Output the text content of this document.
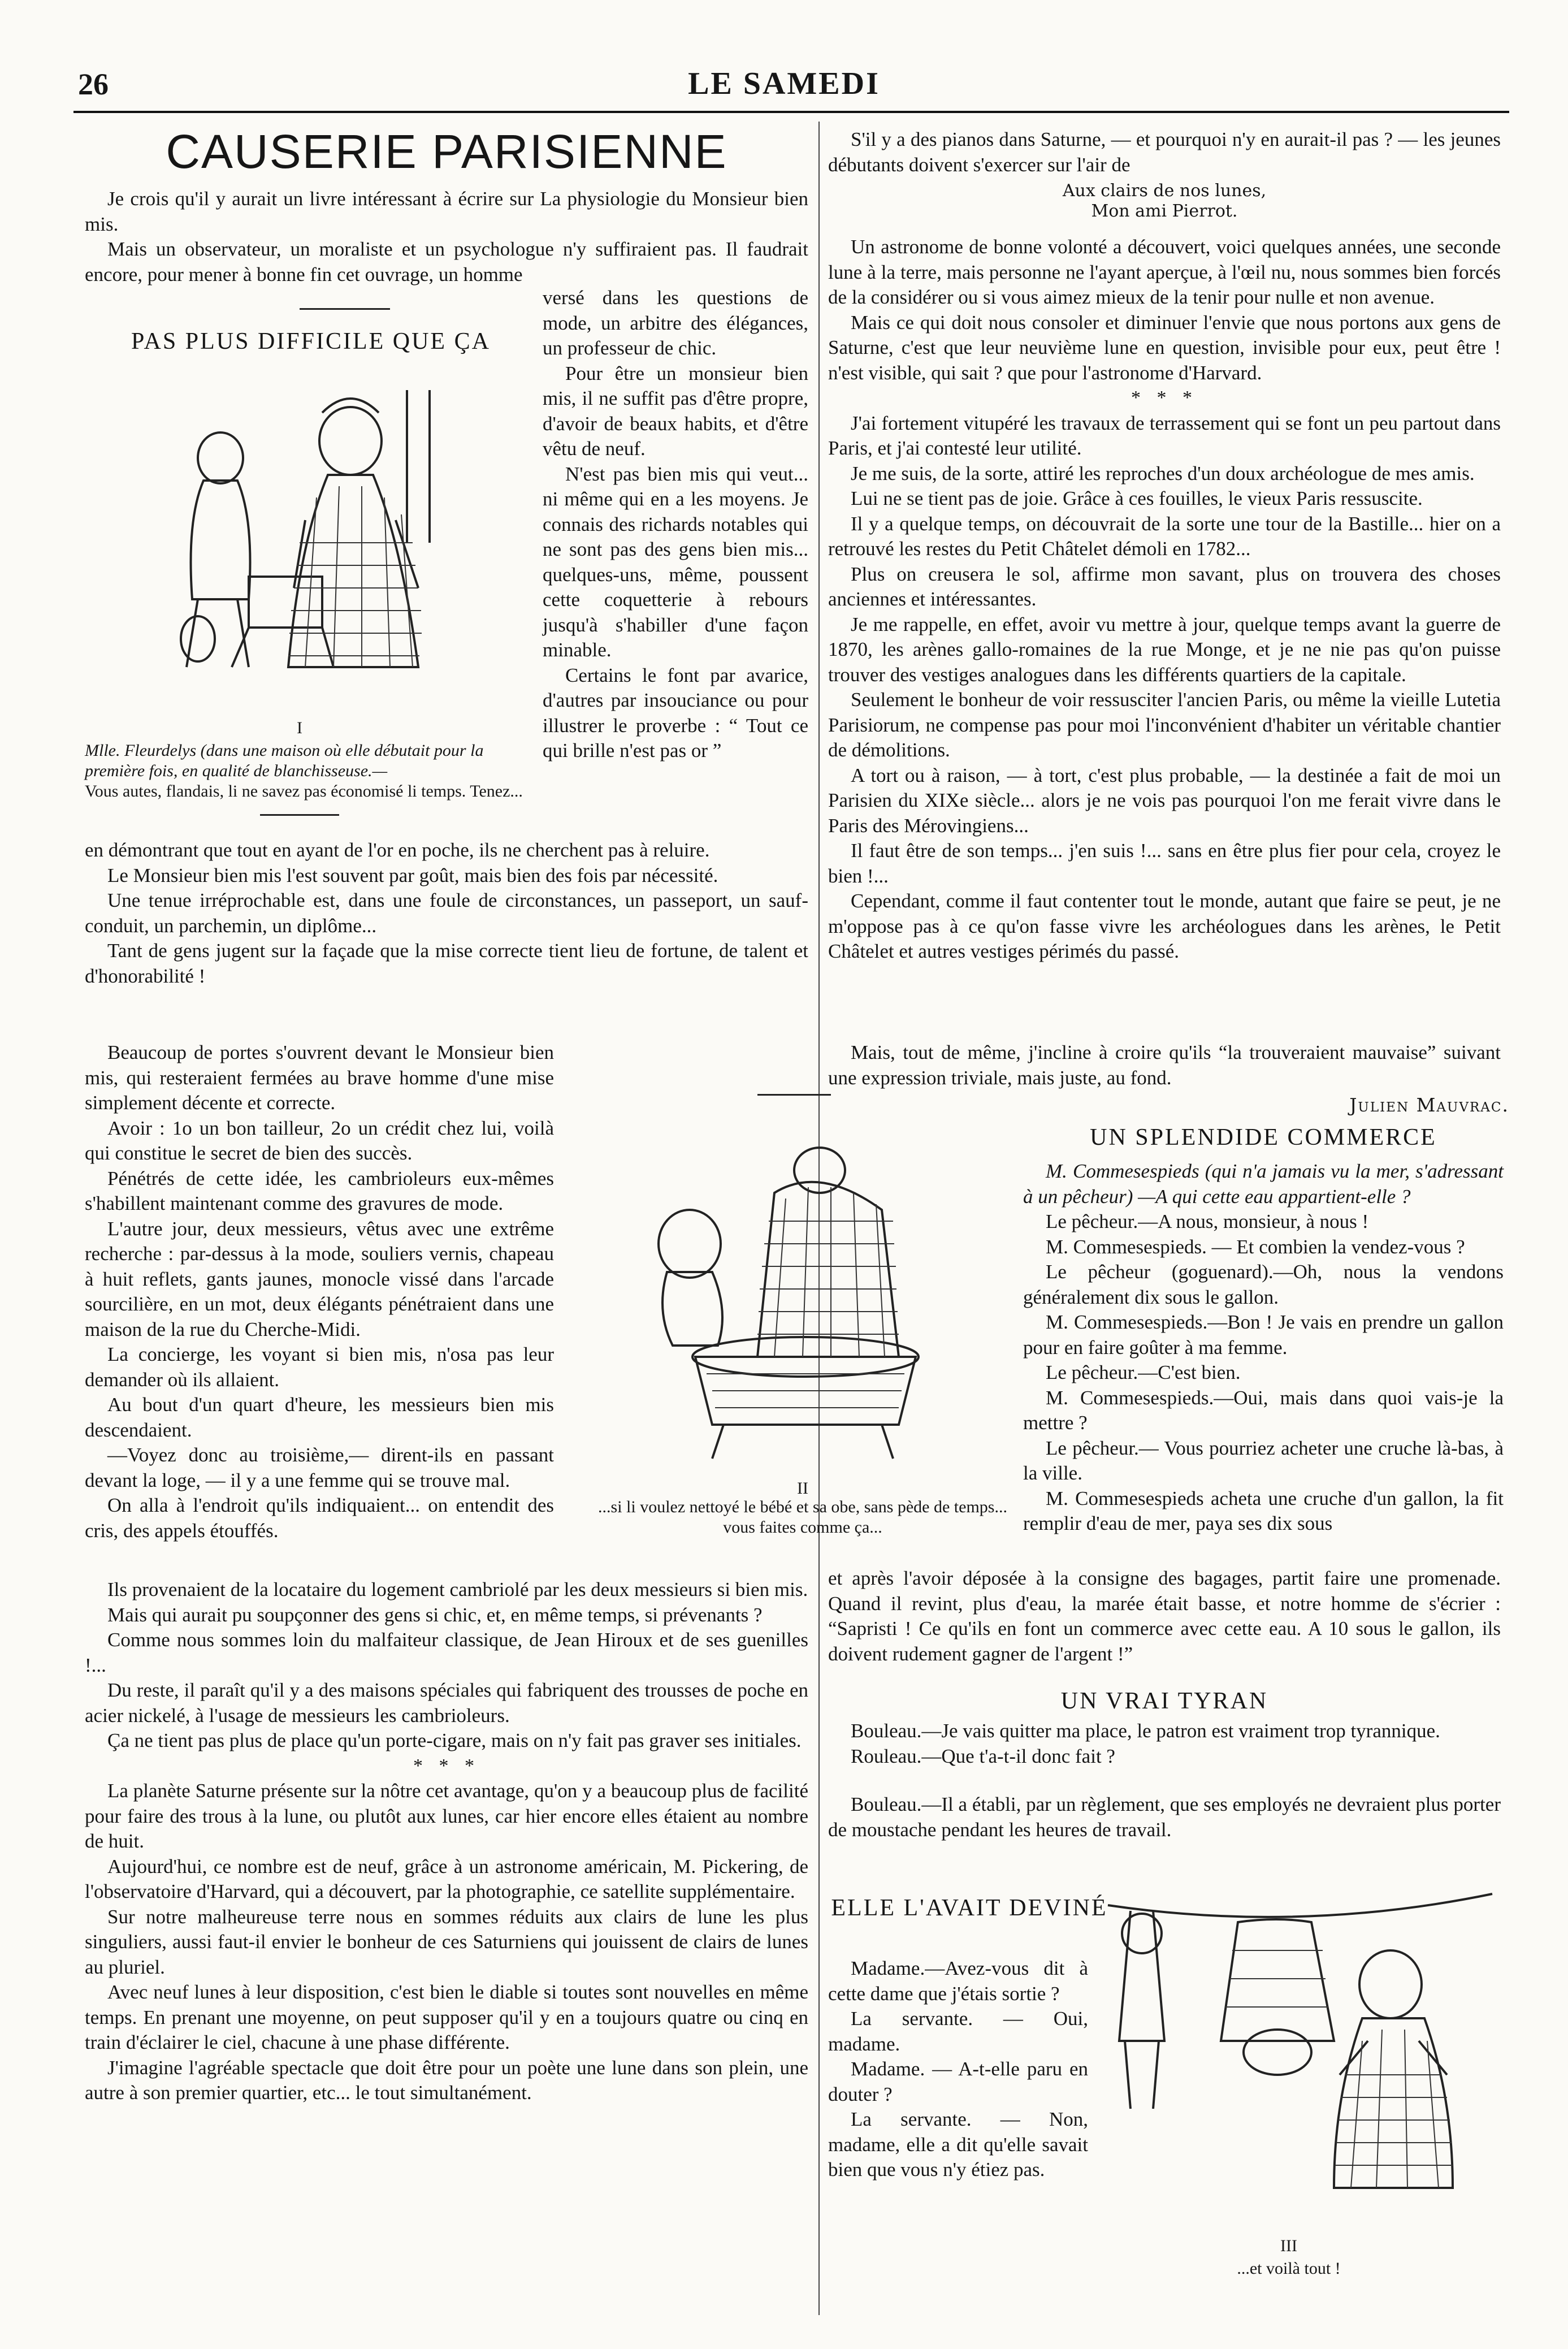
26	LE SAMEDI
CAUSERIE PARISIENNE

Je crois qu'il y aurait un livre intéressant à écrire sur La physiologie du Monsieur bien mis.

Mais un observateur, un moraliste et un psychologue n'y suffiraient pas. Il faudrait encore, pour mener à bonne fin cet ouvrage, un homme

PAS PLUS DIFFICILE QUE ÇA
I
Mlle. Fleurdelys (dans une maison où elle débutait pour la première fois, en qualité de blanchisseuse.—
Vous autes, flandais, li ne savez pas économisé li temps. Tenez...

versé dans les questions de mode, un arbitre des élégances, un professeur de chic.

Pour être un monsieur bien mis, il ne suffit pas d'être propre, d'avoir de beaux habits, et d'être vêtu de neuf.

N'est pas bien mis qui veut... ni même qui en a les moyens. Je connais des richards notables qui ne sont pas des gens bien mis... quelques-uns, même, poussent cette coquetterie à rebours jusqu'à s'habiller d'une façon minable.

Certains le font par avarice, d'autres par insouciance ou pour illustrer le proverbe : “ Tout ce qui brille n'est pas or ”

en démontrant que tout en ayant de l'or en poche, ils ne cherchent pas à reluire.

Le Monsieur bien mis l'est souvent par goût, mais bien des fois par nécessité.

Une tenue irréprochable est, dans une foule de circonstances, un passeport, un sauf-conduit, un parchemin, un diplôme...

Tant de gens jugent sur la façade que la mise correcte tient lieu de fortune, de talent et d'honorabilité !

Beaucoup de portes s'ouvrent devant le Monsieur bien mis, qui resteraient fermées au brave homme d'une mise simplement décente et correcte.

Avoir : 1o un bon tailleur, 2o un crédit chez lui, voilà qui constitue le secret de bien des succès.

Pénétrés de cette idée, les cambrioleurs eux-mêmes s'habillent maintenant comme des gravures de mode.

L'autre jour, deux messieurs, vêtus avec une extrême recherche : par-dessus à la mode, souliers vernis, chapeau à huit reflets, gants jaunes, monocle vissé dans l'arcade sourcilière, en un mot, deux élégants pénétraient dans une maison de la rue du Cherche-Midi.

La concierge, les voyant si bien mis, n'osa pas leur demander où ils allaient.

Au bout d'un quart d'heure, les messieurs bien mis descendaient.

—Voyez donc au troisième,— dirent-ils en passant devant la loge, — il y a une femme qui se trouve mal.

On alla à l'endroit qu'ils indiquaient... on entendit des cris, des appels étouffés.

Ils provenaient de la locataire du logement cambriolé par les deux messieurs si bien mis.

Mais qui aurait pu soupçonner des gens si chic, et, en même temps, si prévenants ?

Comme nous sommes loin du malfaiteur classique, de Jean Hiroux et de ses guenilles !...

Du reste, il paraît qu'il y a des maisons spéciales qui fabriquent des trousses de poche en acier nickelé, à l'usage de messieurs les cambrioleurs.

Ça ne tient pas plus de place qu'un porte-cigare, mais on n'y fait pas graver ses initiales.

* * *

La planète Saturne présente sur la nôtre cet avantage, qu'on y a beaucoup plus de facilité pour faire des trous à la lune, ou plutôt aux lunes, car hier encore elles étaient au nombre de huit.

Aujourd'hui, ce nombre est de neuf, grâce à un astronome américain, M. Pickering, de l'observatoire d'Harvard, qui a découvert, par la photographie, ce satellite supplémentaire.

Sur notre malheureuse terre nous en sommes réduits aux clairs de lune les plus singuliers, aussi faut-il envier le bonheur de ces Saturniens qui jouissent de clairs de lunes au pluriel.

Avec neuf lunes à leur disposition, c'est bien le diable si toutes sont nouvelles en même temps. En prenant une moyenne, on peut supposer qu'il y en a toujours quatre ou cinq en train d'éclairer le ciel, chacune à une phase différente.

J'imagine l'agréable spectacle que doit être pour un poète une lune dans son plein, une autre à son premier quartier, etc... le tout simultanément.

S'il y a des pianos dans Saturne, — et pourquoi n'y en aurait-il pas ? — les jeunes débutants doivent s'exercer sur l'air de

Aux clairs de nos lunes,
Mon ami Pierrot.

Un astronome de bonne volonté a découvert, voici quelques années, une seconde lune à la terre, mais personne ne l'ayant aperçue, à l'œil nu, nous sommes bien forcés de la considérer ou si vous aimez mieux de la tenir pour nulle et non avenue.

Mais ce qui doit nous consoler et diminuer l'envie que nous portons aux gens de Saturne, c'est que leur neuvième lune en question, invisible pour eux, peut être ! n'est visible, qui sait ? que pour l'astronome d'Harvard.

* * *

J'ai fortement vitupéré les travaux de terrassement qui se font un peu partout dans Paris, et j'ai contesté leur utilité.

Je me suis, de la sorte, attiré les reproches d'un doux archéologue de mes amis.

Lui ne se tient pas de joie. Grâce à ces fouilles, le vieux Paris ressuscite.

Il y a quelque temps, on découvrait de la sorte une tour de la Bastille... hier on a retrouvé les restes du Petit Châtelet démoli en 1782...

Plus on creusera le sol, affirme mon savant, plus on trouvera des choses anciennes et intéressantes.

Je me rappelle, en effet, avoir vu mettre à jour, quelque temps avant la guerre de 1870, les arènes gallo-romaines de la rue Monge, et je ne nie pas qu'on puisse trouver des vestiges analogues dans les différents quartiers de la capitale.

Seulement le bonheur de voir ressusciter l'ancien Paris, ou même la vieille Lutetia Parisiorum, ne compense pas pour moi l'inconvénient d'habiter un véritable chantier de démolitions.

A tort ou à raison, — à tort, c'est plus probable, — la destinée a fait de moi un Parisien du XIXe siècle... alors je ne vois pas pourquoi l'on me ferait vivre dans le Paris des Mérovingiens...

Il faut être de son temps... j'en suis !... sans en être plus fier pour cela, croyez le bien !...

Cependant, comme il faut contenter tout le monde, autant que faire se peut, je ne m'oppose pas à ce qu'on fasse vivre les archéologues dans les arènes, le Petit Châtelet et autres vestiges périmés du passé.

Mais, tout de même, j'incline à croire qu'ils “la trouveraient mauvaise” suivant une expression triviale, mais juste, au fond.

Julien Mauvrac.
II
...si li voulez nettoyé le bébé et sa obe, sans pède de temps... vous faites comme ça...
UN SPLENDIDE COMMERCE

M. Commesespieds (qui n'a jamais vu la mer, s'adressant à un pêcheur) —A qui cette eau appartient-elle ?

Le pêcheur.—A nous, monsieur, à nous !

M. Commesespieds. — Et combien la vendez-vous ?

Le pêcheur (goguenard).—Oh, nous la vendons généralement dix sous le gallon.

M. Commesespieds.—Bon ! Je vais en prendre un gallon pour en faire goûter à ma femme.

Le pêcheur.—C'est bien.

M. Commesespieds.—Oui, mais dans quoi vais-je la mettre ?

Le pêcheur.— Vous pourriez acheter une cruche là-bas, à la ville.

M. Commesespieds acheta une cruche d'un gallon, la fit remplir d'eau de mer, paya ses dix sous

et après l'avoir déposée à la consigne des bagages, partit faire une promenade. Quand il revint, plus d'eau, la marée était basse, et notre homme de s'écrier : “Sapristi ! Ce qu'ils en font un commerce avec cette eau. A 10 sous le gallon, ils doivent rudement gagner de l'argent !”

UN VRAI TYRAN

Bouleau.—Je vais quitter ma place, le patron est vraiment trop tyrannique.

Rouleau.—Que t'a-t-il donc fait ?

Bouleau.—Il a établi, par un règlement, que ses employés ne devraient plus porter de moustache pendant les heures de travail.

ELLE L'AVAIT DEVINÉ

Madame.—Avez-vous dit à cette dame que j'étais sortie ?

La servante. — Oui, madame.

Madame. — A-t-elle paru en douter ?

La servante. — Non, madame, elle a dit qu'elle savait bien que vous n'y étiez pas.

III
...et voilà tout !
